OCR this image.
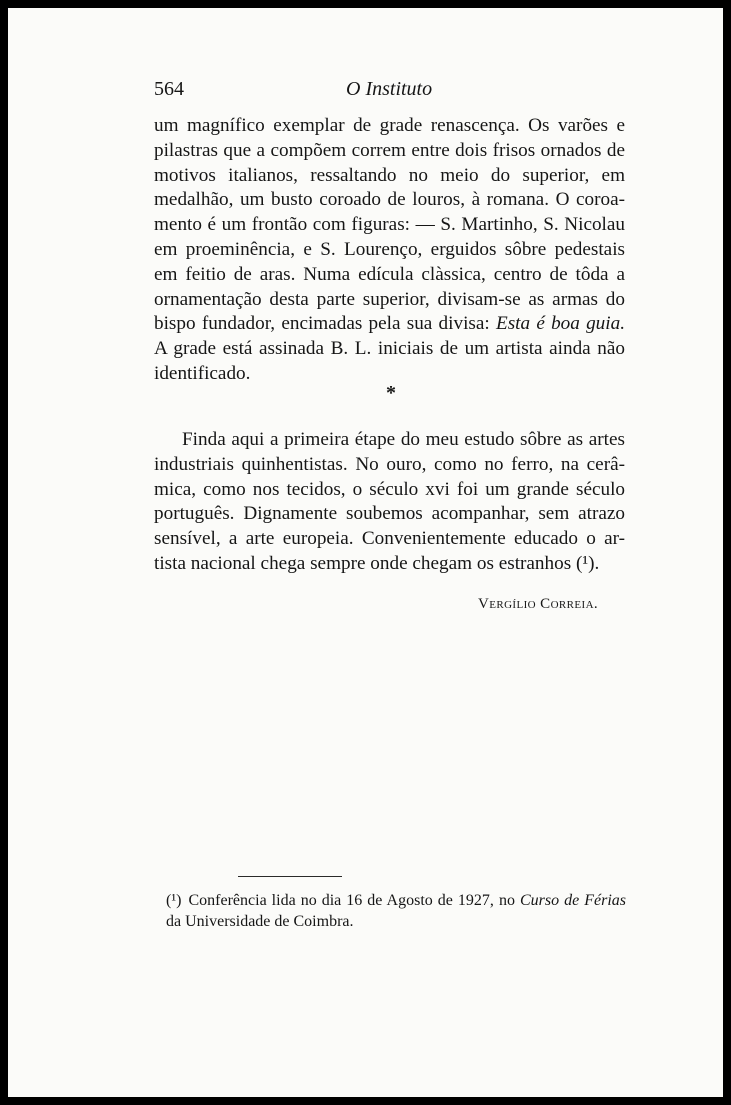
564	O Instituto

um magnífico exemplar de grade renascença. Os varões e pilastras que a compõem correm entre dois frisos ornados de motivos italianos, ressaltando no meio do superior, em medalhão, um busto coroado de louros, à romana. O coroa-mento é um frontão com figuras: — S. Martinho, S. Nicolau em proeminência, e S. Lourenço, erguidos sôbre pedestais em feitio de aras. Numa edícula clàssica, centro de tôda a ornamentação desta parte superior, divisam-se as armas do bispo fundador, encimadas pela sua divisa: Esta é boa guia. A grade está assinada B. L. iniciais de um artista ainda não identificado.

*

Finda aqui a primeira étape do meu estudo sôbre as artes industriais quinhentistas. No ouro, como no ferro, na cerâ-mica, como nos tecidos, o século xvi foi um grande século português. Dignamente soubemos acompanhar, sem atrazo sensível, a arte europeia. Convenientemente educado o ar-tista nacional chega sempre onde chegam os estranhos (¹).

Vergílio Correia.

(¹) Conferência lida no dia 16 de Agosto de 1927, no Curso de Férias da Universidade de Coimbra.
